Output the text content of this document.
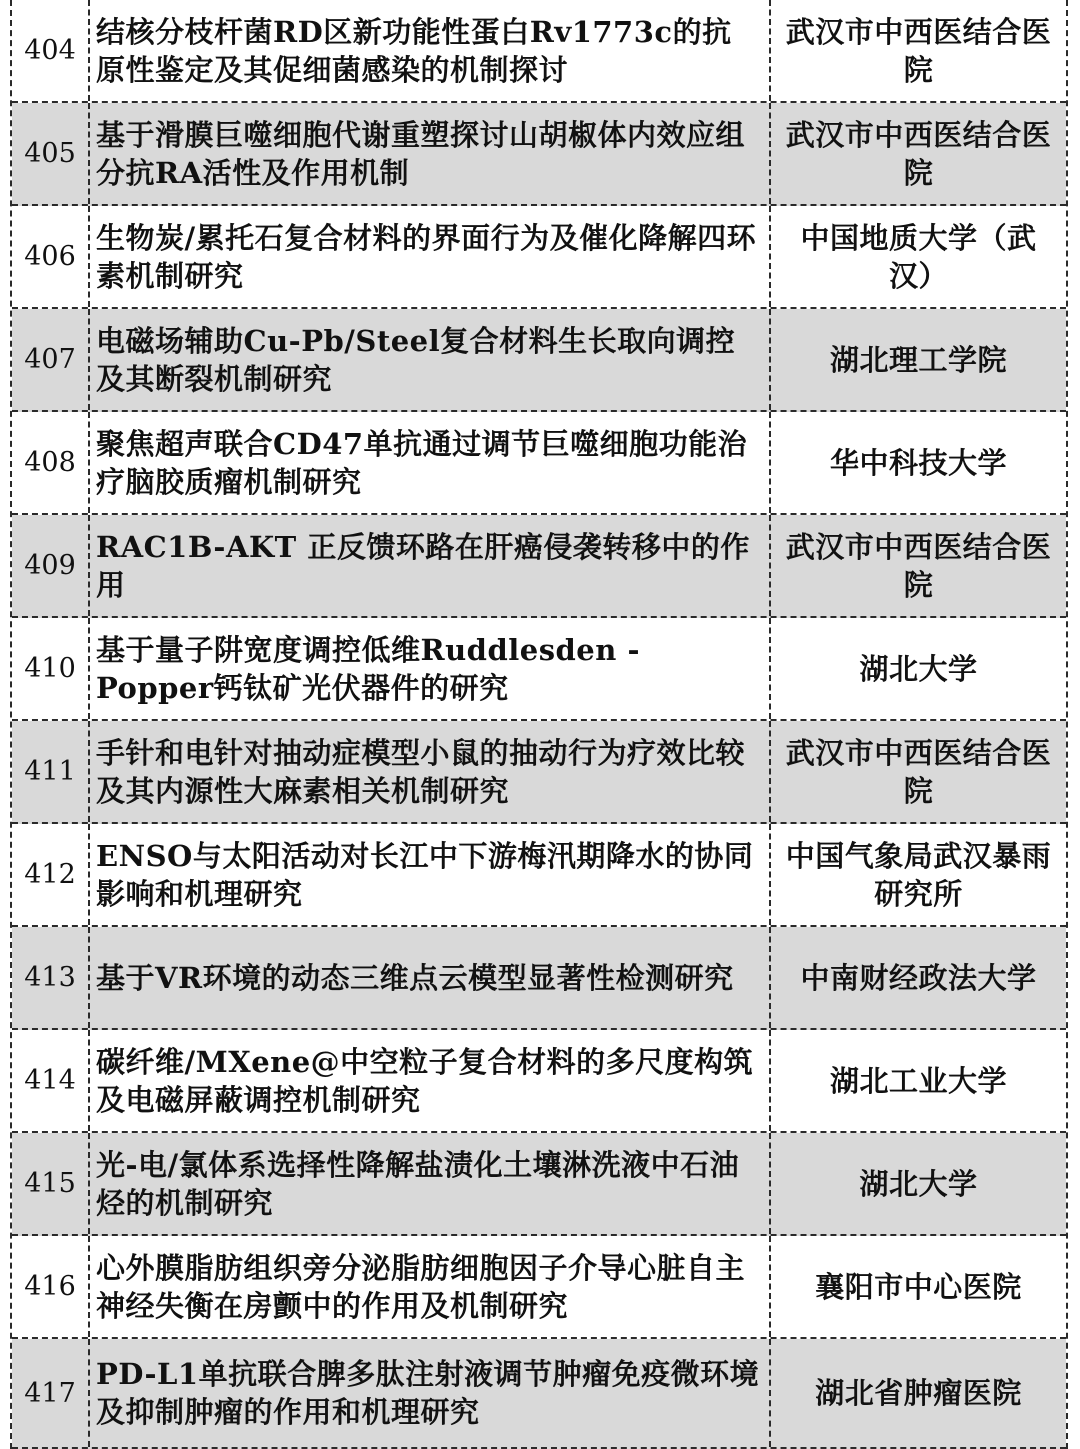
404
结核分枝杆菌RD区新功能性蛋白Rv1773c的抗原性鉴定及其促细菌感染的机制探讨
武汉市中西医结合医院
405
基于滑膜巨噬细胞代谢重塑探讨山胡椒体内效应组分抗RA活性及作用机制
武汉市中西医结合医院
406
生物炭/累托石复合材料的界面行为及催化降解四环素机制研究
中国地质大学（武汉）
407
电磁场辅助Cu-Pb/Steel复合材料生长取向调控及其断裂机制研究
湖北理工学院
408
聚焦超声联合CD47单抗通过调节巨噬细胞功能治疗脑胶质瘤机制研究
华中科技大学
409
RAC1B-AKT 正反馈环路在肝癌侵袭转移中的作用
武汉市中西医结合医院
410
基于量子阱宽度调控低维Ruddlesden - Popper钙钛矿光伏器件的研究
湖北大学
411
手针和电针对抽动症模型小鼠的抽动行为疗效比较及其内源性大麻素相关机制研究
武汉市中西医结合医院
412
ENSO与太阳活动对长江中下游梅汛期降水的协同影响和机理研究
中国气象局武汉暴雨研究所
413 基于VR环境的动态三维点云模型显著性检测研究	中南财经政法大学
414
碳纤维/MXene@中空粒子复合材料的多尺度构筑及电磁屏蔽调控机制研究
湖北工业大学
415
光-电/氯体系选择性降解盐渍化土壤淋洗液中石油烃的机制研究
湖北大学
416
心外膜脂肪组织旁分泌脂肪细胞因子介导心脏自主神经失衡在房颤中的作用及机制研究
襄阳市中心医院
417
PD-L1单抗联合脾多肽注射液调节肿瘤免疫微环境及抑制肿瘤的作用和机理研究
湖北省肿瘤医院
